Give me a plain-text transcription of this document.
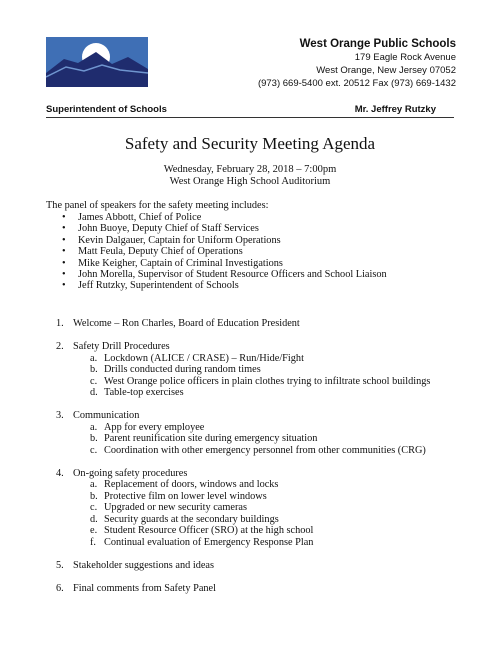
West Orange Public Schools
179 Eagle Rock Avenue
West Orange, New Jersey 07052
(973) 669-5400 ext. 20512 Fax (973) 669-1432
Superintendent of Schools	Mr. Jeffrey Rutzky
Safety and Security Meeting Agenda
Wednesday, February 28, 2018 – 7:00pm
West Orange High School Auditorium
The panel of speakers for the safety meeting includes:
• James Abbott, Chief of Police
• John Buoye, Deputy Chief of Staff Services
• Kevin Dalgauer, Captain for Uniform Operations
• Matt Feula, Deputy Chief of Operations
• Mike Keigher, Captain of Criminal Investigations
• John Morella, Supervisor of Student Resource Officers and School Liaison
• Jeff Rutzky, Superintendent of Schools
1. Welcome – Ron Charles, Board of Education President
2. Safety Drill Procedures
a. Lockdown (ALICE / CRASE) – Run/Hide/Fight
b. Drills conducted during random times
c. West Orange police officers in plain clothes trying to infiltrate school buildings
d. Table-top exercises
3. Communication
a. App for every employee
b. Parent reunification site during emergency situation
c. Coordination with other emergency personnel from other communities (CRG)
4. On-going safety procedures
a. Replacement of doors, windows and locks
b. Protective film on lower level windows
c. Upgraded or new security cameras
d. Security guards at the secondary buildings
e. Student Resource Officer (SRO) at the high school
f. Continual evaluation of Emergency Response Plan
5. Stakeholder suggestions and ideas
6. Final comments from Safety Panel
